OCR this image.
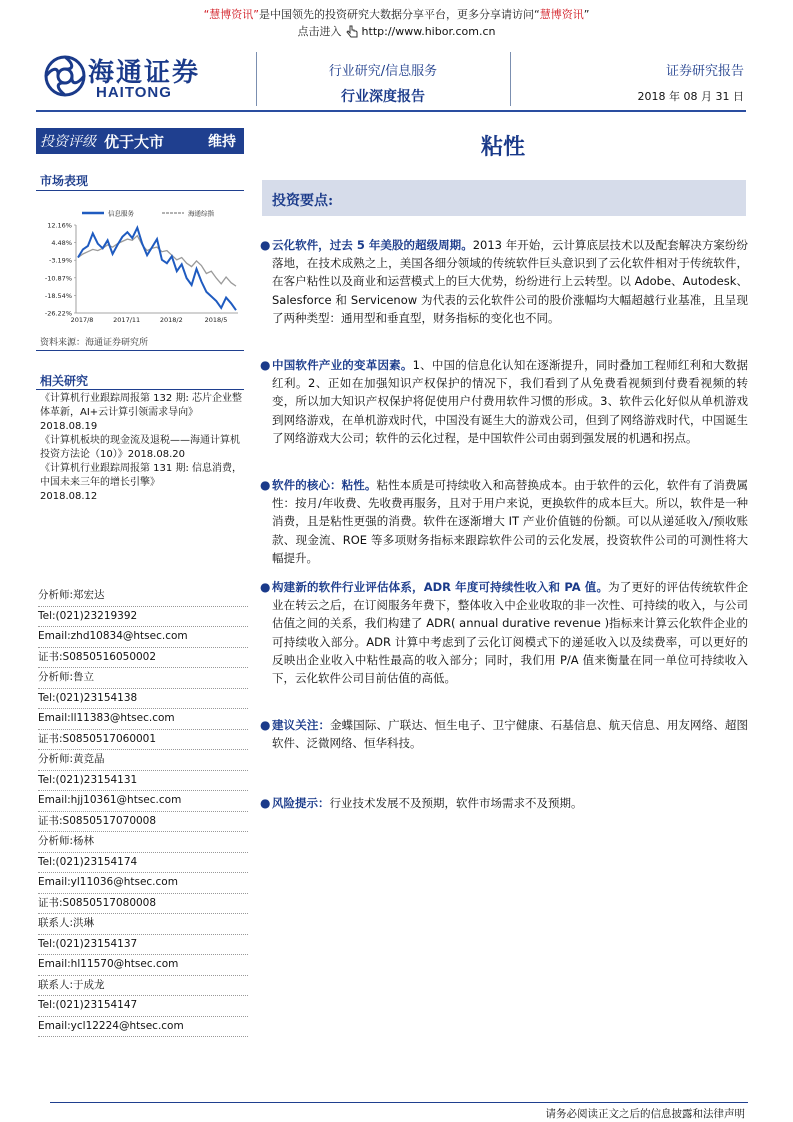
“慧博资讯”是中国领先的投资研究大数据分享平台，更多分享请访问“慧博资讯”
点击进入 http://www.hibor.com.cn
海通证券
HAITONG
行业研究/信息服务
行业深度报告
证券研究报告
2018 年 08 月 31 日
投资评级 优于大市	维持	粘性
市场表现
12.16%
4.48%
-3.19%
-10.87%
-18.54%
-26.22%
2017/8	2017/11	2018/2	2018/5
信息服务	海通综指
资料来源：海通证券研究所
相关研究
《计算机行业跟踪周报第 132 期: 芯片企业整体革新，AI+云计算引领需求导向》
2018.08.19
《计算机板块的现金流及退税——海通计算机投资方法论（10）》2018.08.20
《计算机行业跟踪周报第 131 期: 信息消费，中国未来三年的增长引擎》
2018.08.12
分析师:郑宏达
Tel:(021)23219392
Email:zhd10834@htsec.com
证书:S0850516050002
分析师:鲁立
Tel:(021)23154138
Email:ll11383@htsec.com
证书:S0850517060001
分析师:黄竞晶
Tel:(021)23154131
Email:hjj10361@htsec.com
证书:S0850517070008
分析师:杨林
Tel:(021)23154174
Email:yl11036@htsec.com
证书:S0850517080008
联系人:洪琳
Tel:(021)23154137
Email:hl11570@htsec.com
联系人:于成龙
Tel:(021)23154147
Email:ycl12224@htsec.com
投资要点:
● 云化软件，过去 5 年美股的超级周期。2013 年开始，云计算底层技术以及配套解决方案纷纷落地，在技术成熟之上，美国各细分领域的传统软件巨头意识到了云化软件相对于传统软件，在客户粘性以及商业和运营模式上的巨大优势，纷纷进行上云转型。以 Adobe、Autodesk、Salesforce 和 Servicenow 为代表的云化软件公司的股价涨幅均大幅超越行业基准，且呈现了两种类型：通用型和垂直型，财务指标的变化也不同。
● 中国软件产业的变革因素。1、中国的信息化认知在逐渐提升，同时叠加工程师红利和大数据红利。2、正如在加强知识产权保护的情况下，我们看到了从免费看视频到付费看视频的转变，所以加大知识产权保护将促使用户付费用软件习惯的形成。3、软件云化好似从单机游戏到网络游戏，在单机游戏时代，中国没有诞生大的游戏公司，但到了网络游戏时代，中国诞生了网络游戏大公司；软件的云化过程，是中国软件公司由弱到强发展的机遇和拐点。
● 软件的核心：粘性。粘性本质是可持续收入和高替换成本。由于软件的云化，软件有了消费属性：按月/年收费、先收费再服务，且对于用户来说，更换软件的成本巨大。所以，软件是一种消费，且是粘性更强的消费。软件在逐渐增大 IT 产业价值链的份额。可以从递延收入/预收账款、现金流、ROE 等多项财务指标来跟踪软件公司的云化发展，投资软件公司的可测性将大幅提升。
● 构建新的软件行业评估体系，ADR 年度可持续性收入和 PA 值。为了更好的评估传统软件企业在转云之后，在订阅服务年费下，整体收入中企业收取的非一次性、可持续的收入，与公司估值之间的关系，我们构建了 ADR( annual durative revenue )指标来计算云化软件企业的可持续收入部分。ADR 计算中考虑到了云化订阅模式下的递延收入以及续费率，可以更好的反映出企业收入中粘性最高的收入部分；同时，我们用 P/A 值来衡量在同一单位可持续收入下，云化软件公司目前估值的高低。
● 建议关注：金蝶国际、广联达、恒生电子、卫宁健康、石基信息、航天信息、用友网络、超图软件、泛微网络、恒华科技。
● 风险提示：行业技术发展不及预期，软件市场需求不及预期。
请务必阅读正文之后的信息披露和法律声明
